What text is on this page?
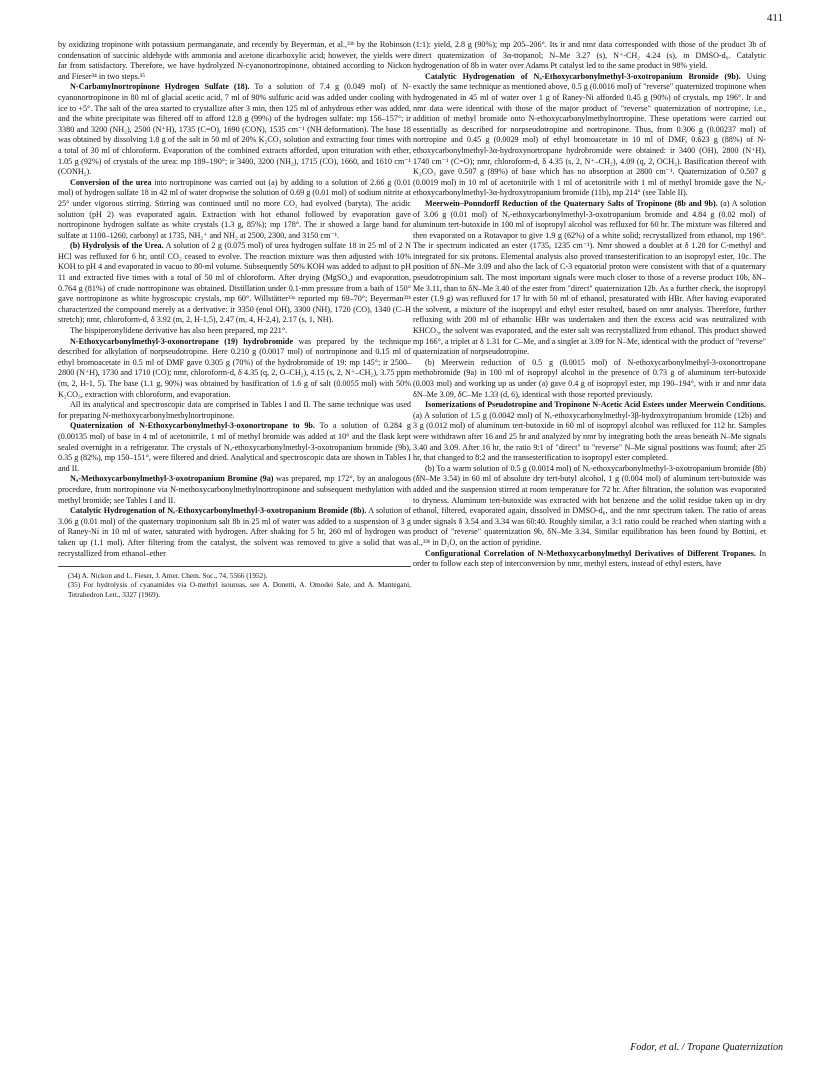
411

by oxidizing tropinone with potassium permanganate, and recently by Beyerman, et al.,³³ᵇ by the Robinson condensation of succinic aldehyde with ammonia and acetone dicarboxylic acid; however, the yields were far from satisfactory. Therefore, we have hydrolyzed N-cyanonortropinone, obtained according to Nickon and Fieser³⁴ in two steps.³⁵

N-Carbamylnortropinone Hydrogen Sulfate (18). To a solution of 7.4 g (0.049 mol) of N-cyanonortropinone in 80 ml of glacial acetic acid, 7 ml of 90% sulfuric acid was added under cooling with ice to +5°. The salt of the urea started to crystallize after 3 min, then 125 ml of anhydrous ether was added, and the white precipitate was filtered off to afford 12.8 g (99%) of the hydrogen sulfate: mp 156–157°; ir 3380 and 3200 (NH₂), 2500 (N⁺H), 1735 (C=O), 1690 (CON), 1535 cm⁻¹ (NH deformation). The base 18 was obtained by dissolving 1.8 g of the salt in 50 ml of 20% K₂CO₃ solution and extracting four times with a total of 30 ml of chloroform. Evaporation of the combined extracts afforded, upon trituration with ether, 1.05 g (92%) of crystals of the urea: mp 189–190°; ir 3400, 3200 (NH₂), 1715 (CO), 1660, and 1610 cm⁻¹ (CONH₂).

Conversion of the urea into nortropinone was carried out (a) by adding to a solution of 2.66 g (0.01 mol) of hydrogen sulfate 18 in 42 ml of water dropwise the solution of 0.69 g (0.01 mol) of sodium nitrite at 25° under vigorous stirring. Stirring was continued until no more CO₂ had evolved (baryta). The acidic solution (pH 2) was evaporated again. Extraction with hot ethanol followed by evaporation gave nortropinone hydrogen sulfate as white crystals (1.3 g, 85%); mp 178°. The ir showed a large band for sulfate at 1100–1260, carbonyl at 1735, NH₂⁺ and NH₂ at 2500, 2300, and 3150 cm⁻¹.

(b) Hydrolysis of the Urea. A solution of 2 g (0.075 mol) of urea hydrogen sulfate 18 in 25 ml of 2 N HCl was refluxed for 6 hr, until CO₂ ceased to evolve. The reaction mixture was then adjusted with 10% KOH to pH 4 and evaporated in vacuo to 80-ml volume. Subsequently 50% KOH was added to adjust to pH 11 and extracted five times with a total of 50 ml of chloroform. After drying (MgSO₄) and evaporation, 0.764 g (81%) of crude nortropinone was obtained. Distillation under 0.1-mm pressure from a bath of 150° gave nortropinone as white hygroscopic crystals, mp 60°. Willstätter³³ᵃ reported mp 69–70°; Beyerman³³ᵇ characterized the compound merely as a derivative: ir 3350 (enol OH), 3300 (NH), 1720 (CO), 1340 (C–H stretch); nmr, chloroform-d, δ 3.92 (m, 2, H-1,5), 2.47 (m, 4, H-2,4), 2.17 (s, 1, NH).

The bispiperonylidene derivative has also been prepared, mp 221°.

N-Ethoxycarbonylmethyl-3-oxonortropane (19) hydrobromide was prepared by the technique described for alkylation of norpseudotropine. Here 0.210 g (0.0017 mol) of nortropinone and 0.15 ml of ethyl bromoacetate in 0.5 ml of DMF gave 0.305 g (70%) of the hydrobromide of 19: mp 145°; ir 2500–2800 (N⁺H), 1730 and 1710 (CO); nmr, chloroform-d, δ 4.35 (q, 2, O–CH₂), 4.15 (s, 2, N⁺–CH₂), 3.75 ppm (m, 2, H-1, 5). The base (1.1 g, 90%) was obtained by basification of 1.6 g of salt (0.0055 mol) with 50% K₂CO₃, extraction with chloroform, and evaporation.

All its analytical and spectroscopic data are comprised in Tables I and II. The same technique was used for preparing N-methoxycarbonylmethylnortropinone.

Quaternization of N-Ethoxycarbonylmethyl-3-oxonortropane to 9b. To a solution of 0.284 g (0.00135 mol) of base in 4 ml of acetonitrile, 1 ml of methyl bromide was added at 10° and the flask kept sealed overnight in a refrigerator. The crystals of Nₐ-ethoxycarbonylmethyl-3-oxotropanium bromide (9b), 0.35 g (82%), mp 150–151°, were filtered and dried. Analytical and spectroscopic data are shown in Tables I and II.

Nₐ-Methoxycarbonylmethyl-3-oxotropanium Bromine (9a) was prepared, mp 172°, by an analogous procedure, from nortropinone via N-methoxycarbonylmethylnortropinone and subsequent methylation with methyl bromide; see Tables I and II.

Catalytic Hydrogenation of Nₑ-Ethoxycarbonylmethyl-3-oxotropanium Bromide (8b). A solution of 3.06 g (0.01 mol) of the quaternary tropinonium salt 8b in 25 ml of water was added to a suspension of 3 g of Raney-Ni in 10 ml of water, saturated with hydrogen. After shaking for 5 hr, 260 ml of hydrogen was taken up (1.1 mol). After filtering from the catalyst, the solvent was removed to give a solid that was recrystallized from ethanol–ether

(34) A. Nickon and L. Fieser, J. Amer. Chem. Soc., 74, 5566 (1952).

(35) For hydrolysis of cyanamides via O-methyl isoureas, see A. Donetti, A. Omodei Sale, and A. Mantegani, Tetrahedron Lett., 3327 (1969).

(1:1): yield, 2.8 g (90%); mp 205–206°. Its ir and nmr data corresponded with those of the product 3b of direct quaternization of 3α-tropanol; N–Me 3.27 (s), N⁺-CH₂ 4.24 (s), in DMSO-d₆. Catalytic hydrogenation of 8b in water over Adams Pt catalyst led to the same product in 98% yield.

Catalytic Hydrogenation of Nₐ-Ethoxycarbonylmethyl-3-oxotropanium Bromide (9b). Using exactly the same technique as mentioned above, 0.5 g (0.0016 mol) of "reverse" quaternized tropinone when hydrogenated in 45 ml of water over 1 g of Raney-Ni afforded 0.45 g (90%) of crystals, mp 196°. Ir and nmr data were identical with those of the major product of "reverse" quaternization of nortropine, i.e., addition of methyl bromide onto N-ethoxycarbonylmethylnortropine. These operations were carried out essentially as described for norpseudotropine and nortropinone. Thus, from 0.306 g (0.00237 mol) of nortropine and 0.45 g (0.0029 mol) of ethyl bromoacetate in 10 ml of DMF, 0.623 g (88%) of N-ethoxycarbonylmethyl-3α-hydroxynortropane hydrobromide were obtained: ir 3400 (OH), 2800 (N⁺H), 1740 cm⁻¹ (C=O); nmr, chloroform-d, δ 4.35 (s, 2, N⁺–CH₂), 4.09 (q, 2, OCH₂). Basification thereof with K₂CO₃ gave 0.507 g (89%) of base which has no absorption at 2800 cm⁻¹. Quaternization of 0.507 g (0.0019 mol) in 10 ml of acetonitrile with 1 ml of acetonitrile with 1 ml of methyl bromide gave the Nₐ-ethoxycarbonylmethyl-3α-hydroxytropanium bromide (11b), mp 214° (see Table II).

Meerwein–Ponndorff Reduction of the Quaternary Salts of Tropinone (8b and 9b). (a) A solution of 3.06 g (0.01 mol) of Nₑ-ethoxycarbonylmethyl-3-oxotropanium bromide and 4.84 g (0.02 mol) of aluminum tert-butoxide in 100 ml of isopropyl alcohol was refluxed for 60 hr. The mixture was filtered and then evaporated on a Rotavapor to give 1.9 g (62%) of a white solid; recrystallized from ethanol, mp 196°. The ir spectrum indicated an ester (1735, 1235 cm⁻¹). Nmr showed a doublet at δ 1.28 for C-methyl and integrated for six protons. Elemental analysis also proved transesterification to an isopropyl ester, 10c. The position of δN–Me 3.09 and also the lack of C-3 equatorial proton were consistent with that of a quaternary pseudotropinium salt. The most important signals were much closer to those of a reverse product 10b, δN–Me 3.11, than to δN–Me 3.40 of the ester from "direct" quaternization 12b. As a further check, the isopropyl ester (1.9 g) was refluxed for 17 hr with 50 ml of ethanol, presaturated with HBr. After having evaporated the solvent, a mixture of the isopropyl and ethyl ester resulted, based on nmr analysis. Therefore, further refluxing with 200 ml of ethanolic HBr was undertaken and then the excess acid was neutralized with KHCO₃, the solvent was evaporated, and the ester salt was recrystallized from ethanol. This product showed mp 166°, a triplet at δ 1.31 for C–Me, and a singlet at 3.09 for N–Me, identical with the product of "reverse" quaternization of norpseudotropine.

(b) Meerwein reduction of 0.5 g (0.0015 mol) of N-ethoxycarbonylmethyl-3-oxonortropane methobromide (9a) in 100 ml of isopropyl alcohol in the presence of 0.73 g of aluminum tert-butoxide (0.003 mol) and working up as under (a) gave 0.4 g of isopropyl ester, mp 190–194°, with ir and nmr data δN–Me 3.09, δC–Me 1.33 (d, 6), identical with those reported previously.

Isomerizations of Pseudotropine and Tropinone N-Acetic Acid Esters under Meerwein Conditions. (a) A solution of 1.5 g (0.0042 mol) of Nₑ-ethoxycarbonylmethyl-3β-hydroxytropanium bromide (12b) and 3 g (0.012 mol) of aluminum tert-butoxide in 60 ml of isopropyl alcohol was refluxed for 112 hr. Samples were withdrawn after 16 and 25 hr and analyzed by nmr by integrating both the areas beneath N–Me signals 3.40 and 3.09. After 16 hr, the ratio 9:1 of "direct" to "reverse" N–Me signal positions was found; after 25 hr, that changed to 8:2 and the transesterification to isopropyl ester completed.

(b) To a warm solution of 0.5 g (0.0014 mol) of Nₑ-ethoxycarbonylmethyl-3-oxotropanium bromide (8b) (δN–Me 3.54) in 60 ml of absolute dry tert-butyl alcohol, 1 g (0.004 mol) of aluminum tert-butoxide was added and the suspension stirred at room temperature for 72 hr. After filtration, the solution was evaporated to dryness. Aluminum tert-butoxide was extracted with hot benzene and the solid residue taken up in dry ethanol, filtered, evaporated again, dissolved in DMSO-d₆, and the nmr spectrum taken. The ratio of areas under signals δ 3.54 and 3.34 was 60:40. Roughly similar, a 3:1 ratio could be reached when starting with a product of "reverse" quaternization 9b, δN–Me 3.34. Similar equilibration has been found by Bottini, et al.,³³ᵇ in D₂O, on the action of pyridine.

Configurational Correlation of N-Methoxycarbonylmethyl Derivatives of Different Tropanes. In order to follow each step of interconversion by nmr, methyl esters, instead of ethyl esters, have

Fodor, et al. / Tropane Quaternization
